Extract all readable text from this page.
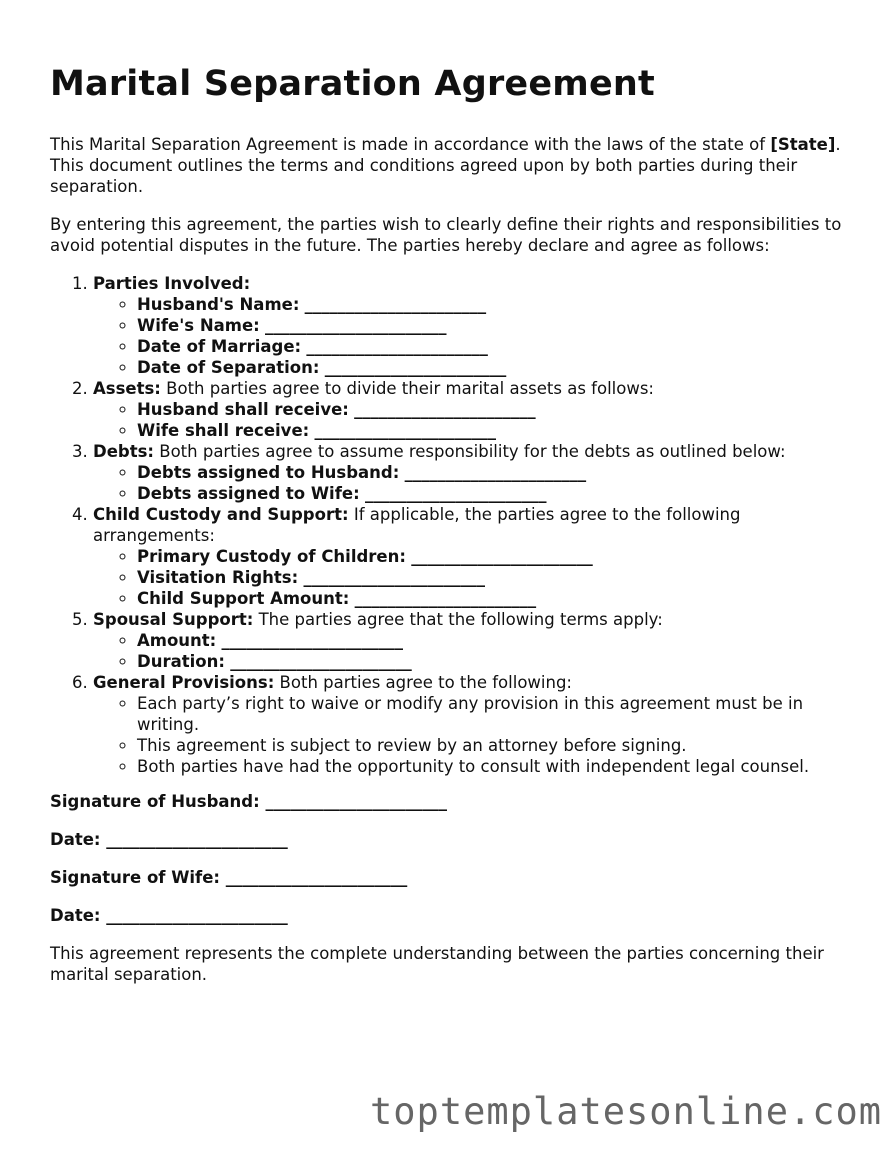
Marital Separation Agreement

This Marital Separation Agreement is made in accordance with the laws of the state of [State]. This document outlines the terms and conditions agreed upon by both parties during their separation.

By entering this agreement, the parties wish to clearly define their rights and responsibilities to avoid potential disputes in the future. The parties hereby declare and agree as follows:

1. Parties Involved:
◦ Husband's Name: ______________________
◦ Wife's Name: ______________________
◦ Date of Marriage: ______________________
◦ Date of Separation: ______________________
2. Assets: Both parties agree to divide their marital assets as follows:
◦ Husband shall receive: ______________________
◦ Wife shall receive: ______________________
3. Debts: Both parties agree to assume responsibility for the debts as outlined below:
◦ Debts assigned to Husband: ______________________
◦ Debts assigned to Wife: ______________________
4. Child Custody and Support: If applicable, the parties agree to the following arrangements:
◦ Primary Custody of Children: ______________________
◦ Visitation Rights: ______________________
◦ Child Support Amount: ______________________
5. Spousal Support: The parties agree that the following terms apply:
◦ Amount: ______________________
◦ Duration: ______________________
6. General Provisions: Both parties agree to the following:
◦ Each party’s right to waive or modify any provision in this agreement must be in writing.
◦ This agreement is subject to review by an attorney before signing.
◦ Both parties have had the opportunity to consult with independent legal counsel.
Signature of Husband: ______________________
Date: ______________________
Signature of Wife: ______________________
Date: ______________________

This agreement represents the complete understanding between the parties concerning their marital separation.

toptemplatesonline.com
